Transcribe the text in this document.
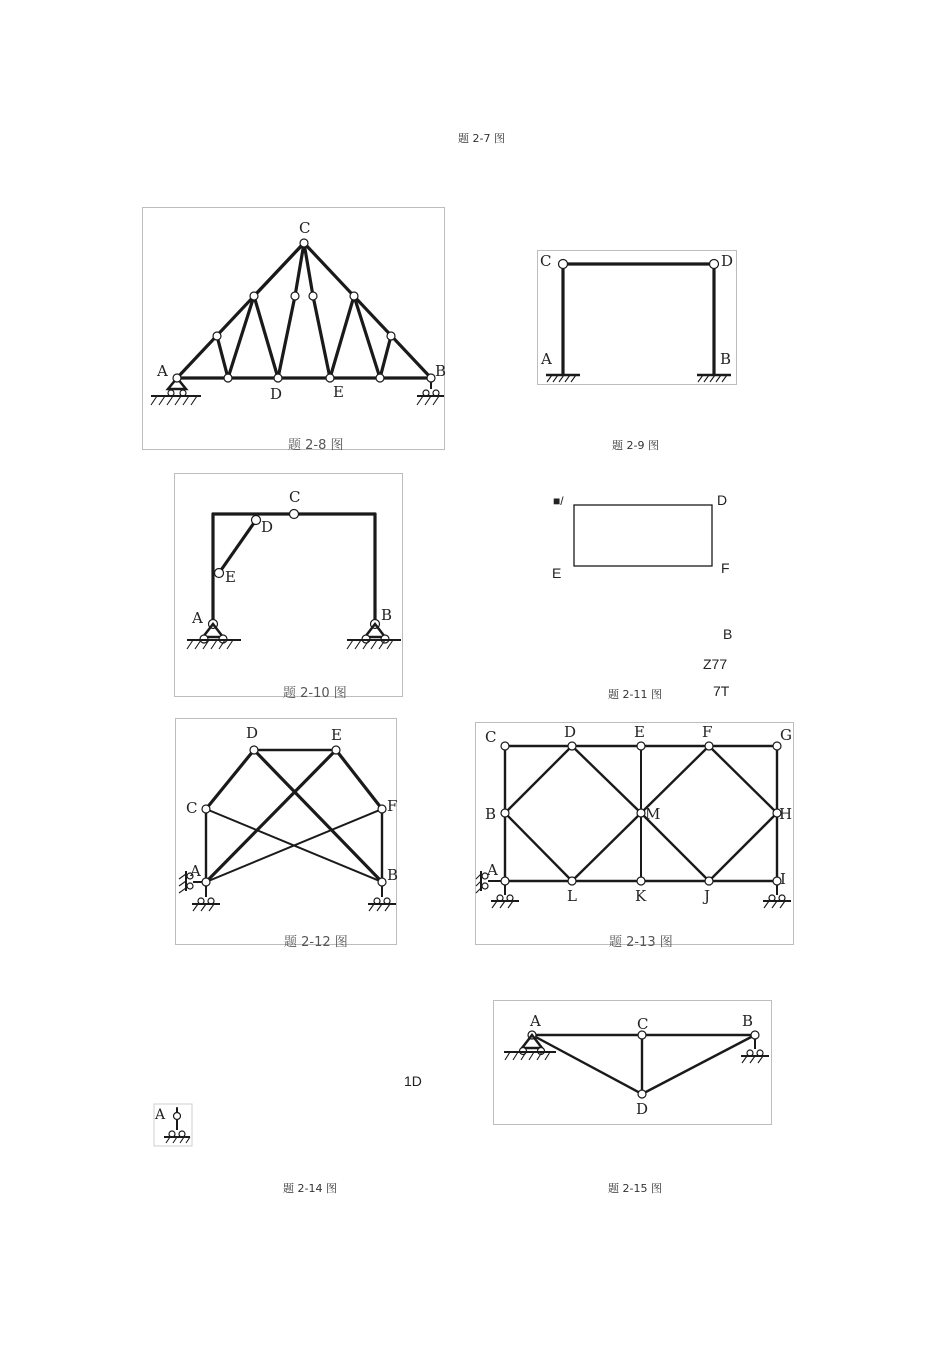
题 2-7 图
C
A	B
D	E
题 2-8 图
C	D
A	B
题 2-9 图
C
D
E
A	B
题 2-10 图
■/	D
E	F
B
Z77
7T
题 2-11 图
D	E
C	F
A	B
题 2-12 图
C	D	E	F	G
B	M	H
A
L	K	J
I
题 2-13 图
1D
A
题 2-14 图
A	C	B
D
题 2-15 图
